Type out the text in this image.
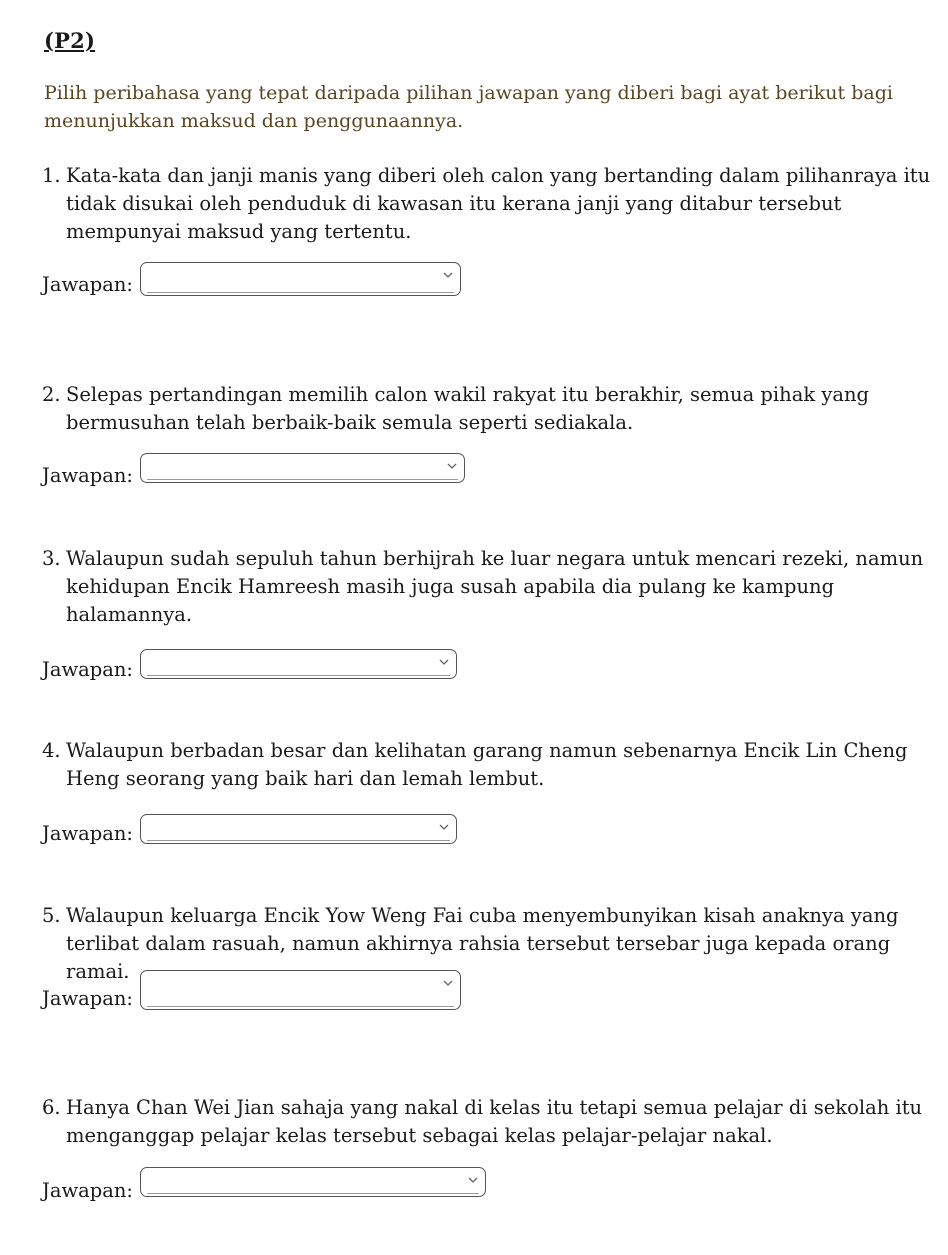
(P2)
Pilih peribahasa yang tepat daripada pilihan jawapan yang diberi bagi ayat berikut bagi menunjukkan maksud dan penggunaannya.
1. Kata-kata dan janji manis yang diberi oleh calon yang bertanding dalam pilihanraya itu tidak disukai oleh penduduk di kawasan itu kerana janji yang ditabur tersebut mempunyai maksud yang tertentu.
Jawapan:
2. Selepas pertandingan memilih calon wakil rakyat itu berakhir, semua pihak yang bermusuhan telah berbaik-baik semula seperti sediakala.
Jawapan:
3. Walaupun sudah sepuluh tahun berhijrah ke luar negara untuk mencari rezeki, namun kehidupan Encik Hamreesh masih juga susah apabila dia pulang ke kampung halamannya.
Jawapan:
4. Walaupun berbadan besar dan kelihatan garang namun sebenarnya Encik Lin Cheng Heng seorang yang baik hari dan lemah lembut.
Jawapan:
5. Walaupun keluarga Encik Yow Weng Fai cuba menyembunyikan kisah anaknya yang terlibat dalam rasuah, namun akhirnya rahsia tersebut tersebar juga kepada orang ramai.
Jawapan:
6. Hanya Chan Wei Jian sahaja yang nakal di kelas itu tetapi semua pelajar di sekolah itu menganggap pelajar kelas tersebut sebagai kelas pelajar-pelajar nakal.
Jawapan:
